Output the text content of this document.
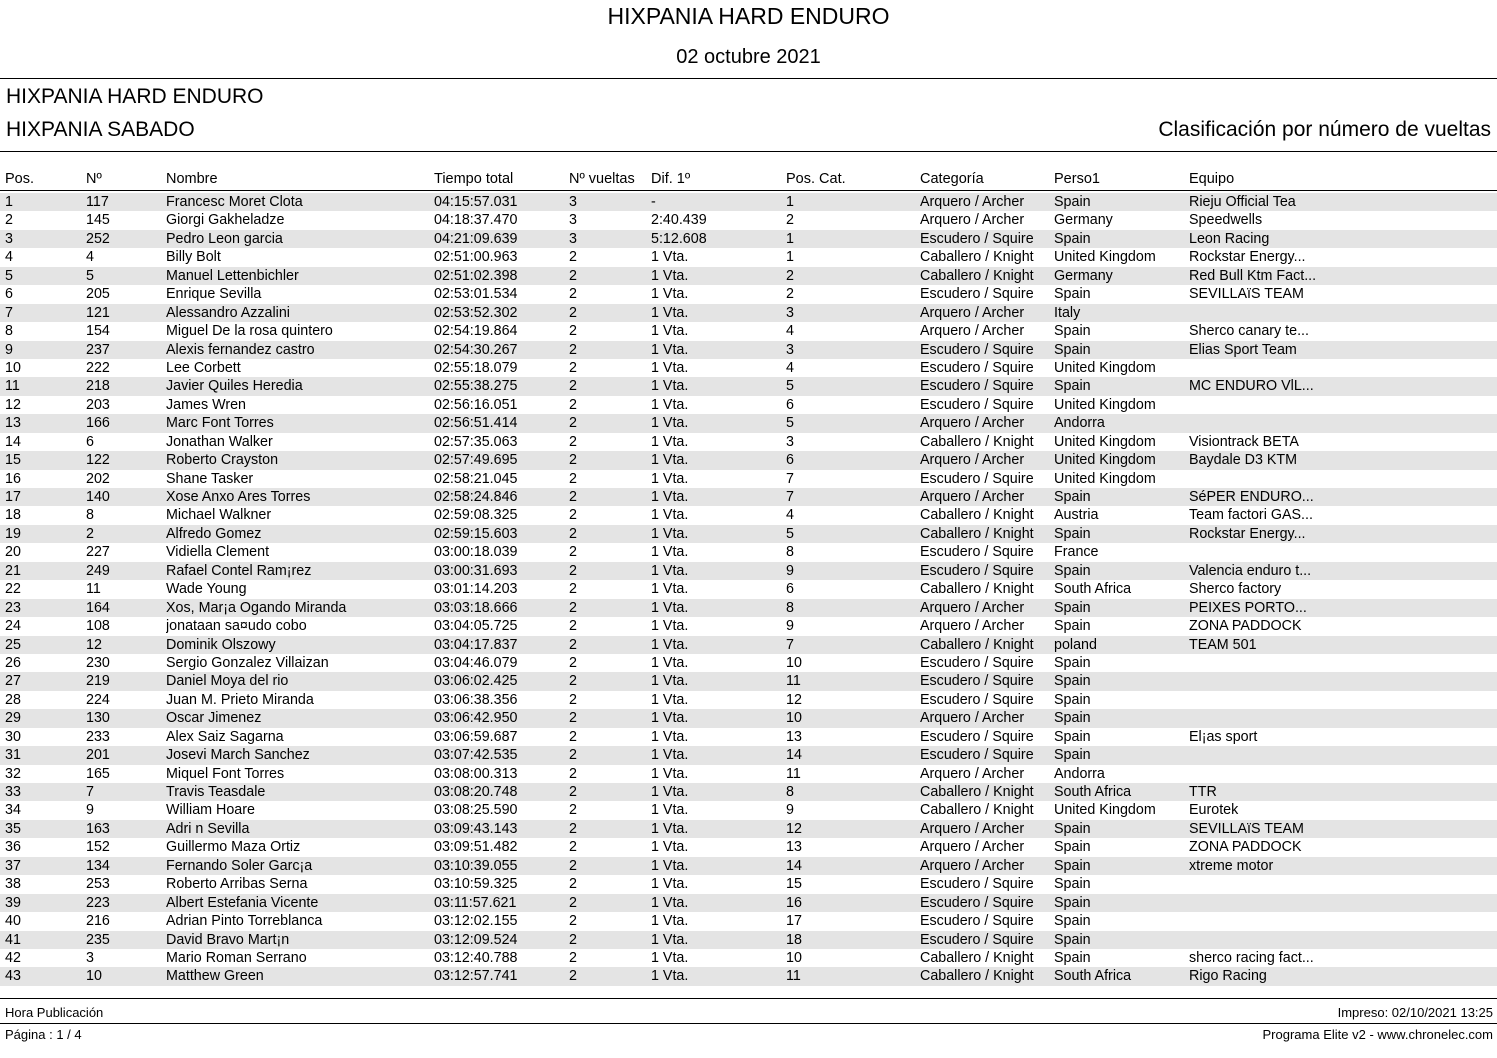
HIXPANIA HARD ENDURO
02 octubre 2021
HIXPANIA HARD ENDURO
HIXPANIA SABADO	Clasificación por número de vueltas
Pos.	Nº	Nombre	Tiempo total	Nº vueltas	Dif. 1º	Pos. Cat.	Categoría	Perso1	Equipo
1	117	Francesc Moret Clota	04:15:57.031	3	-	1	Arquero / Archer	Spain	Rieju Official Tea
2	145	Giorgi Gakheladze	04:18:37.470	3	2:40.439	2	Arquero / Archer	Germany	Speedwells
3	252	Pedro Leon garcia	04:21:09.639	3	5:12.608	1	Escudero / Squire	Spain	Leon Racing
4	4	Billy Bolt	02:51:00.963	2	1 Vta.	1	Caballero / Knight	United Kingdom	Rockstar Energy...
5	5	Manuel Lettenbichler	02:51:02.398	2	1 Vta.	2	Caballero / Knight	Germany	Red Bull Ktm Fact...
6	205	Enrique Sevilla	02:53:01.534	2	1 Vta.	2	Escudero / Squire	Spain	SEVILLAïS TEAM
7	121	Alessandro Azzalini	02:53:52.302	2	1 Vta.	3	Arquero / Archer	Italy
8	154	Miguel De la rosa quintero	02:54:19.864	2	1 Vta.	4	Arquero / Archer	Spain	Sherco canary te...
9	237	Alexis fernandez castro	02:54:30.267	2	1 Vta.	3	Escudero / Squire	Spain	Elias Sport Team
10	222	Lee Corbett	02:55:18.079	2	1 Vta.	4	Escudero / Squire	United Kingdom
11	218	Javier Quiles Heredia	02:55:38.275	2	1 Vta.	5	Escudero / Squire	Spain	MC ENDURO VlL...
12	203	James Wren	02:56:16.051	2	1 Vta.	6	Escudero / Squire	United Kingdom
13	166	Marc Font Torres	02:56:51.414	2	1 Vta.	5	Arquero / Archer	Andorra
14	6	Jonathan Walker	02:57:35.063	2	1 Vta.	3	Caballero / Knight	United Kingdom	Visiontrack BETA
15	122	Roberto Crayston	02:57:49.695	2	1 Vta.	6	Arquero / Archer	United Kingdom	Baydale D3 KTM
16	202	Shane Tasker	02:58:21.045	2	1 Vta.	7	Escudero / Squire	United Kingdom
17	140	Xose Anxo Ares Torres	02:58:24.846	2	1 Vta.	7	Arquero / Archer	Spain	SéPER ENDURO...
18	8	Michael Walkner	02:59:08.325	2	1 Vta.	4	Caballero / Knight	Austria	Team factori GAS...
19	2	Alfredo Gomez	02:59:15.603	2	1 Vta.	5	Caballero / Knight	Spain	Rockstar Energy...
20	227	Vidiella Clement	03:00:18.039	2	1 Vta.	8	Escudero / Squire	France
21	249	Rafael Contel Ram¡rez	03:00:31.693	2	1 Vta.	9	Escudero / Squire	Spain	Valencia enduro t...
22	11	Wade Young	03:01:14.203	2	1 Vta.	6	Caballero / Knight	South Africa	Sherco factory
23	164	Xos, Mar¡a Ogando Miranda	03:03:18.666	2	1 Vta.	8	Arquero / Archer	Spain	PEIXES PORTO...
24	108	jonataan sa¤udo cobo	03:04:05.725	2	1 Vta.	9	Arquero / Archer	Spain	ZONA PADDOCK
25	12	Dominik Olszowy	03:04:17.837	2	1 Vta.	7	Caballero / Knight	poland	TEAM 501
26	230	Sergio Gonzalez Villaizan	03:04:46.079	2	1 Vta.	10	Escudero / Squire	Spain
27	219	Daniel Moya del rio	03:06:02.425	2	1 Vta.	11	Escudero / Squire	Spain
28	224	Juan M. Prieto Miranda	03:06:38.356	2	1 Vta.	12	Escudero / Squire	Spain
29	130	Oscar Jimenez	03:06:42.950	2	1 Vta.	10	Arquero / Archer	Spain
30	233	Alex Saiz Sagarna	03:06:59.687	2	1 Vta.	13	Escudero / Squire	Spain	El¡as sport
31	201	Josevi March Sanchez	03:07:42.535	2	1 Vta.	14	Escudero / Squire	Spain
32	165	Miquel Font Torres	03:08:00.313	2	1 Vta.	11	Arquero / Archer	Andorra
33	7	Travis Teasdale	03:08:20.748	2	1 Vta.	8	Caballero / Knight	South Africa	TTR
34	9	William Hoare	03:08:25.590	2	1 Vta.	9	Caballero / Knight	United Kingdom	Eurotek
35	163	Adri n Sevilla	03:09:43.143	2	1 Vta.	12	Arquero / Archer	Spain	SEVILLAïS TEAM
36	152	Guillermo Maza Ortiz	03:09:51.482	2	1 Vta.	13	Arquero / Archer	Spain	ZONA PADDOCK
37	134	Fernando Soler Garc¡a	03:10:39.055	2	1 Vta.	14	Arquero / Archer	Spain	xtreme motor
38	253	Roberto Arribas Serna	03:10:59.325	2	1 Vta.	15	Escudero / Squire	Spain
39	223	Albert Estefania Vicente	03:11:57.621	2	1 Vta.	16	Escudero / Squire	Spain
40	216	Adrian Pinto Torreblanca	03:12:02.155	2	1 Vta.	17	Escudero / Squire	Spain
41	235	David Bravo Mart¡n	03:12:09.524	2	1 Vta.	18	Escudero / Squire	Spain
42	3	Mario Roman Serrano	03:12:40.788	2	1 Vta.	10	Caballero / Knight	Spain	sherco racing fact...
43	10	Matthew Green	03:12:57.741	2	1 Vta.	11	Caballero / Knight	South Africa	Rigo Racing
Hora Publicación	Impreso: 02/10/2021 13:25
Página : 1 / 4	Programa Elite v2 - www.chronelec.com
